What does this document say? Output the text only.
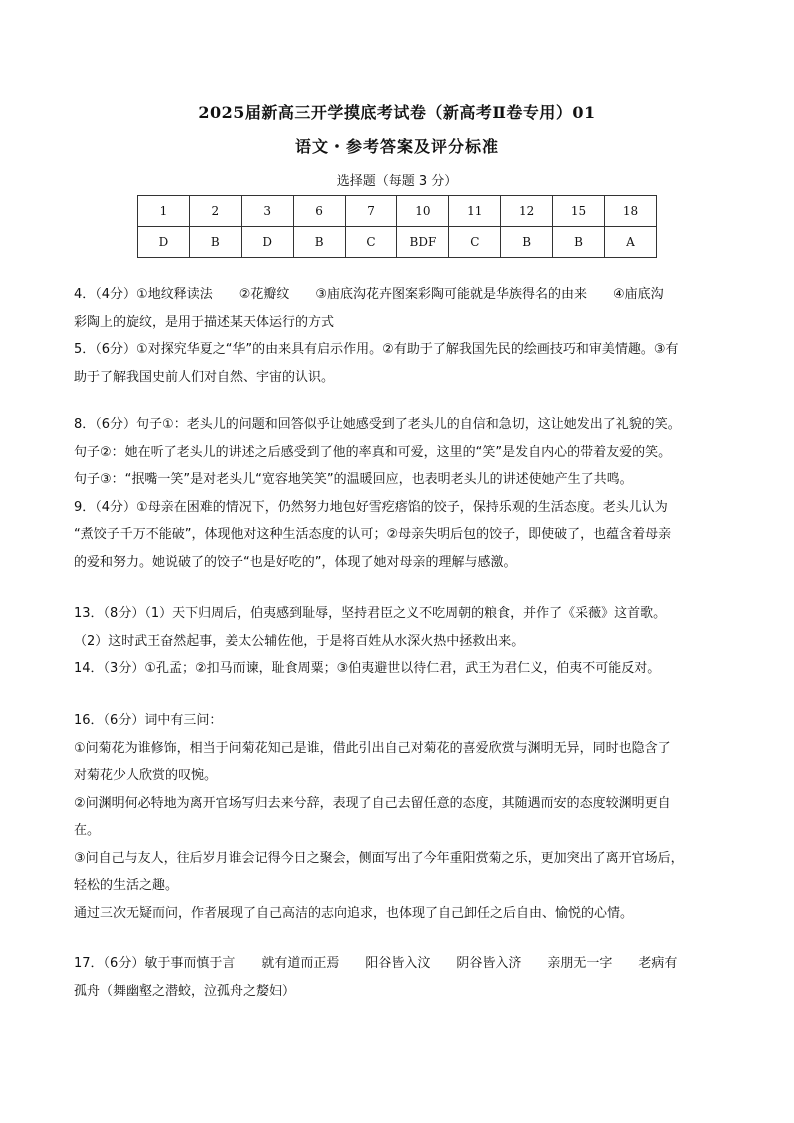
2025届新高三开学摸底考试卷（新高考Ⅱ卷专用）01
语文・参考答案及评分标准
选择题（每题 3 分）
1	2	3	6	7	10	11	12	15	18
D	B	D	B	C	BDF	C	B	B	A

4．（4分）①地纹释读法　　②花瓣纹　　③庙底沟花卉图案彩陶可能就是华族得名的由来　　④庙底沟

彩陶上的旋纹，是用于描述某天体运行的方式

5．（6分）①对探究华夏之“华”的由来具有启示作用。②有助于了解我国先民的绘画技巧和审美情趣。③有

助于了解我国史前人们对自然、宇宙的认识。

8．（6分）句子①：老头儿的问题和回答似乎让她感受到了老头儿的自信和急切，这让她发出了礼貌的笑。

句子②：她在听了老头儿的讲述之后感受到了他的率真和可爱，这里的“笑”是发自内心的带着友爱的笑。

句子③：“抿嘴一笑”是对老头儿“宽容地笑笑”的温暖回应，也表明老头儿的讲述使她产生了共鸣。

9．（4分）①母亲在困难的情况下，仍然努力地包好雪疙瘩馅的饺子，保持乐观的生活态度。老头儿认为

“煮饺子千万不能破”，体现他对这种生活态度的认可；②母亲失明后包的饺子，即使破了，也蕴含着母亲

的爱和努力。她说破了的饺子“也是好吃的”，体现了她对母亲的理解与感激。

13．（8分）（1）天下归周后，伯夷感到耻辱，坚持君臣之义不吃周朝的粮食，并作了《采薇》这首歌。

（2）这时武王奋然起事，姜太公辅佐他，于是将百姓从水深火热中拯救出来。

14．（3分）①孔孟；②扣马而谏，耻食周粟；③伯夷避世以待仁君，武王为君仁义，伯夷不可能反对。

16．（6分）词中有三问：

①问菊花为谁修饰，相当于问菊花知己是谁，借此引出自己对菊花的喜爱欣赏与渊明无异，同时也隐含了

对菊花少人欣赏的叹惋。

②问渊明何必特地为离开官场写归去来兮辞，表现了自己去留任意的态度，其随遇而安的态度较渊明更自

在。

③问自己与友人，往后岁月谁会记得今日之聚会，侧面写出了今年重阳赏菊之乐，更加突出了离开官场后，

轻松的生活之趣。

通过三次无疑而问，作者展现了自己高洁的志向追求，也体现了自己卸任之后自由、愉悦的心情。

17．（6分）敏于事而慎于言　　就有道而正焉　　阳谷皆入汶　　阴谷皆入济　　亲朋无一字　　老病有

孤舟（舞幽壑之潜蛟，泣孤舟之嫠妇）
